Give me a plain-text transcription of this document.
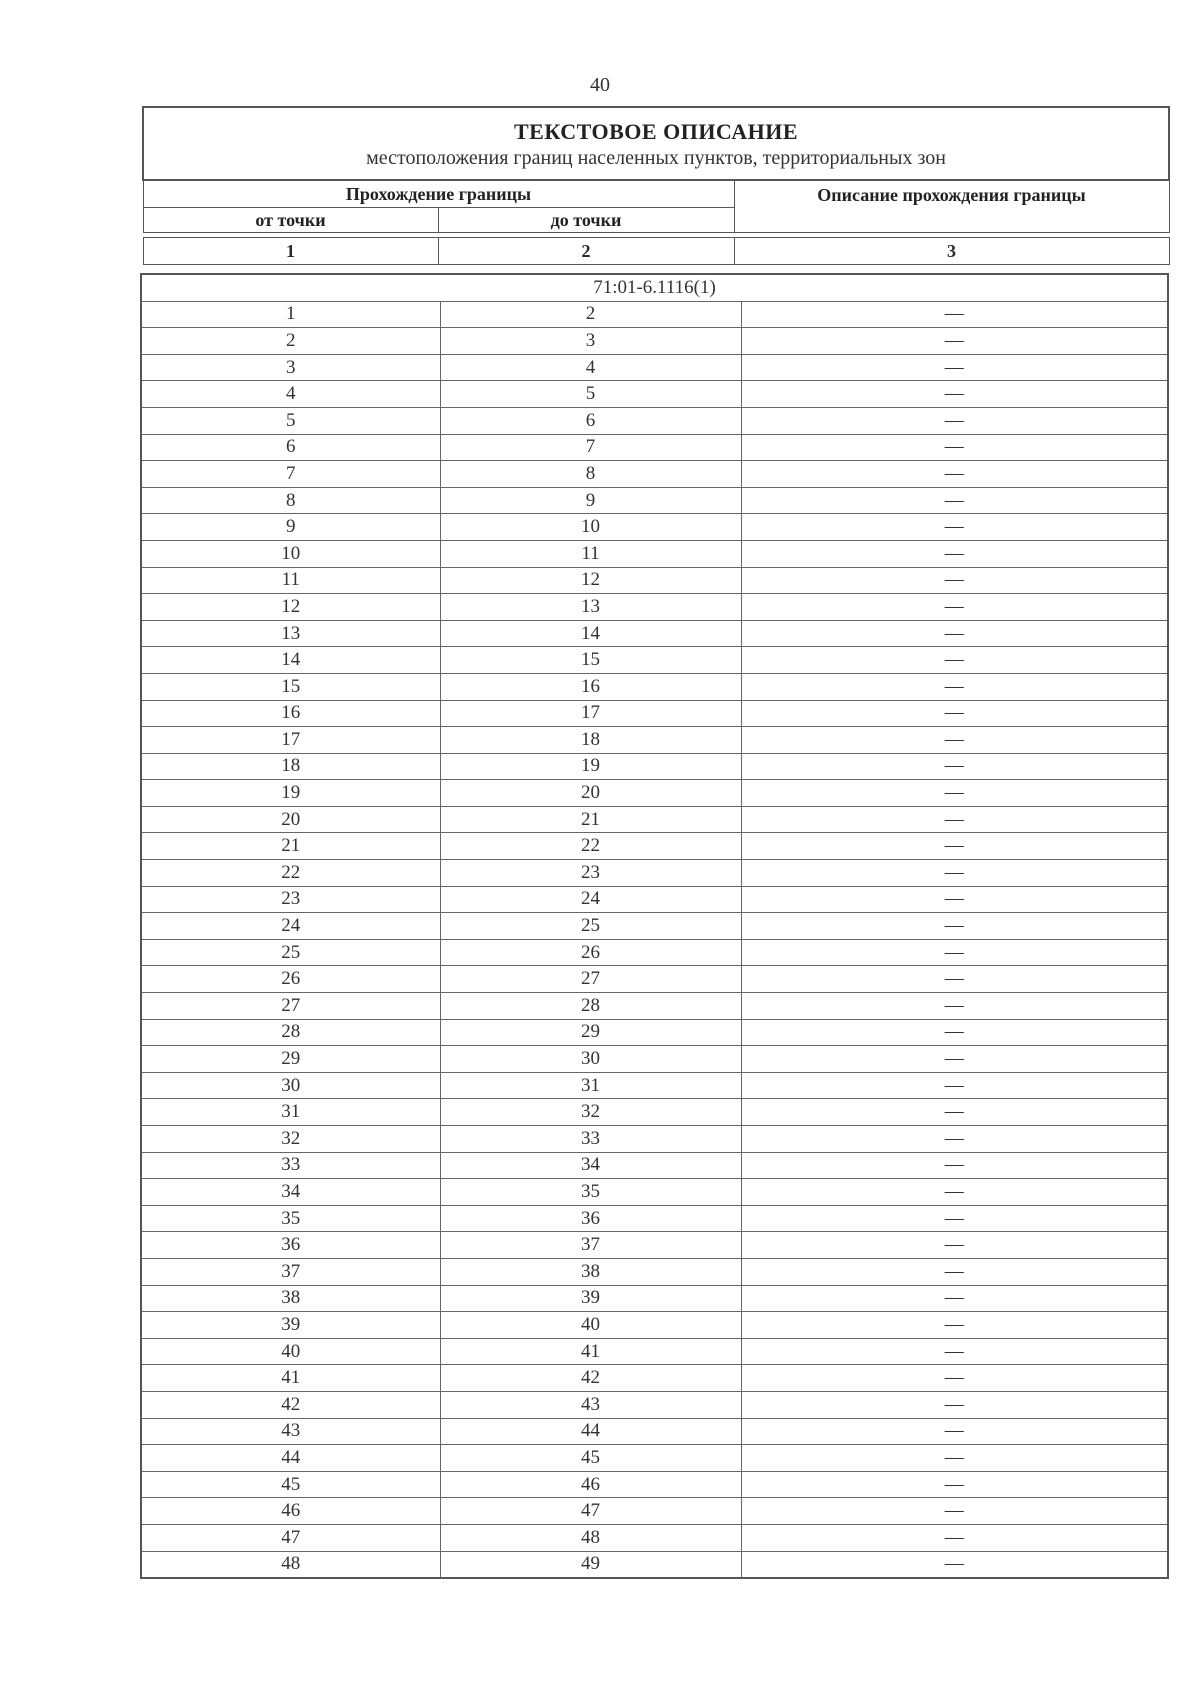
40
ТЕКСТОВОЕ ОПИСАНИЕ
местоположения границ населенных пунктов, территориальных зон		

Прохождение границы		Описание прохождения границы
от точки	до точки	

1	2	3
71:01-6.1116(1)		
1	2	—
2	3	—
3	4	—
4	5	—
5	6	—
6	7	—
7	8	—
8	9	—
9	10	—
10	11	—
11	12	—
12	13	—
13	14	—
14	15	—
15	16	—
16	17	—
17	18	—
18	19	—
19	20	—
20	21	—
21	22	—
22	23	—
23	24	—
24	25	—
25	26	—
26	27	—
27	28	—
28	29	—
29	30	—
30	31	—
31	32	—
32	33	—
33	34	—
34	35	—
35	36	—
36	37	—
37	38	—
38	39	—
39	40	—
40	41	—
41	42	—
42	43	—
43	44	—
44	45	—
45	46	—
46	47	—
47	48	—
48	49	—
